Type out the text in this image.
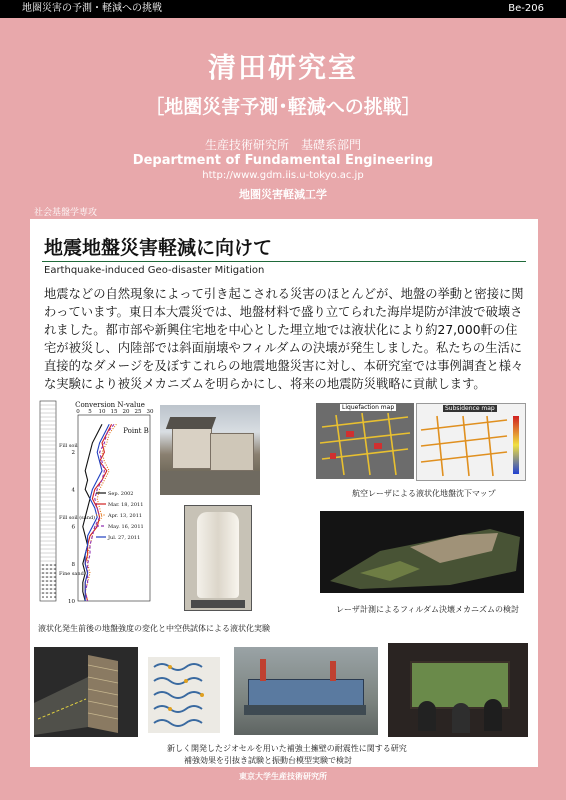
地圏災害の予測・軽減への挑戦	Be-206
清田研究室
［地圏災害予測･軽減への挑戦］
生産技術研究所　基礎系部門
Department of Fundamental Engineering
http://www.gdm.iis.u-tokyo.ac.jp
地圏災害軽減工学
社会基盤学専攻
地震地盤災害軽減に向けて
Earthquake-induced Geo-disaster Mitigation
地震などの自然現象によって引き起こされる災害のほとんどが、地盤の挙動と密接に関わっています。東日本大震災では、地盤材料で盛り立てられた海岸堤防が津波で破壊されました。都市部や新興住宅地を中心とした埋立地では液状化により約27,000軒の住宅が被災し、内陸部では斜面崩壊やフィルダムの決壊が発生しました。私たちの生活に直接的なダメージを及ぼすこれらの地震地盤災害に対し、本研究室では事例調査と様々な実験により被災メカニズムを明らかにし、将来の地震防災戦略に貢献します。
Fill soil
Fill soil (sand)
Fine sand
Conversion N-value
Point B
0 5 10 15 20 25 30
2
4
6
8
10
Sep. 2002
Mar. 18, 2011
Apr. 13, 2011
May. 16, 2011
Jul. 27, 2011
Liquefaction map	Subsidence map
航空レーザによる液状化地盤沈下マップ
レーザ計測によるフィルダム決壊メカニズムの検討
液状化発生前後の地盤強度の変化と中空供試体による液状化実験
新しく開発したジオセルを用いた補強土擁壁の耐震性に関する研究
補強効果を引抜き試験と振動台模型実験で検討
東京大学生産技術研究所
